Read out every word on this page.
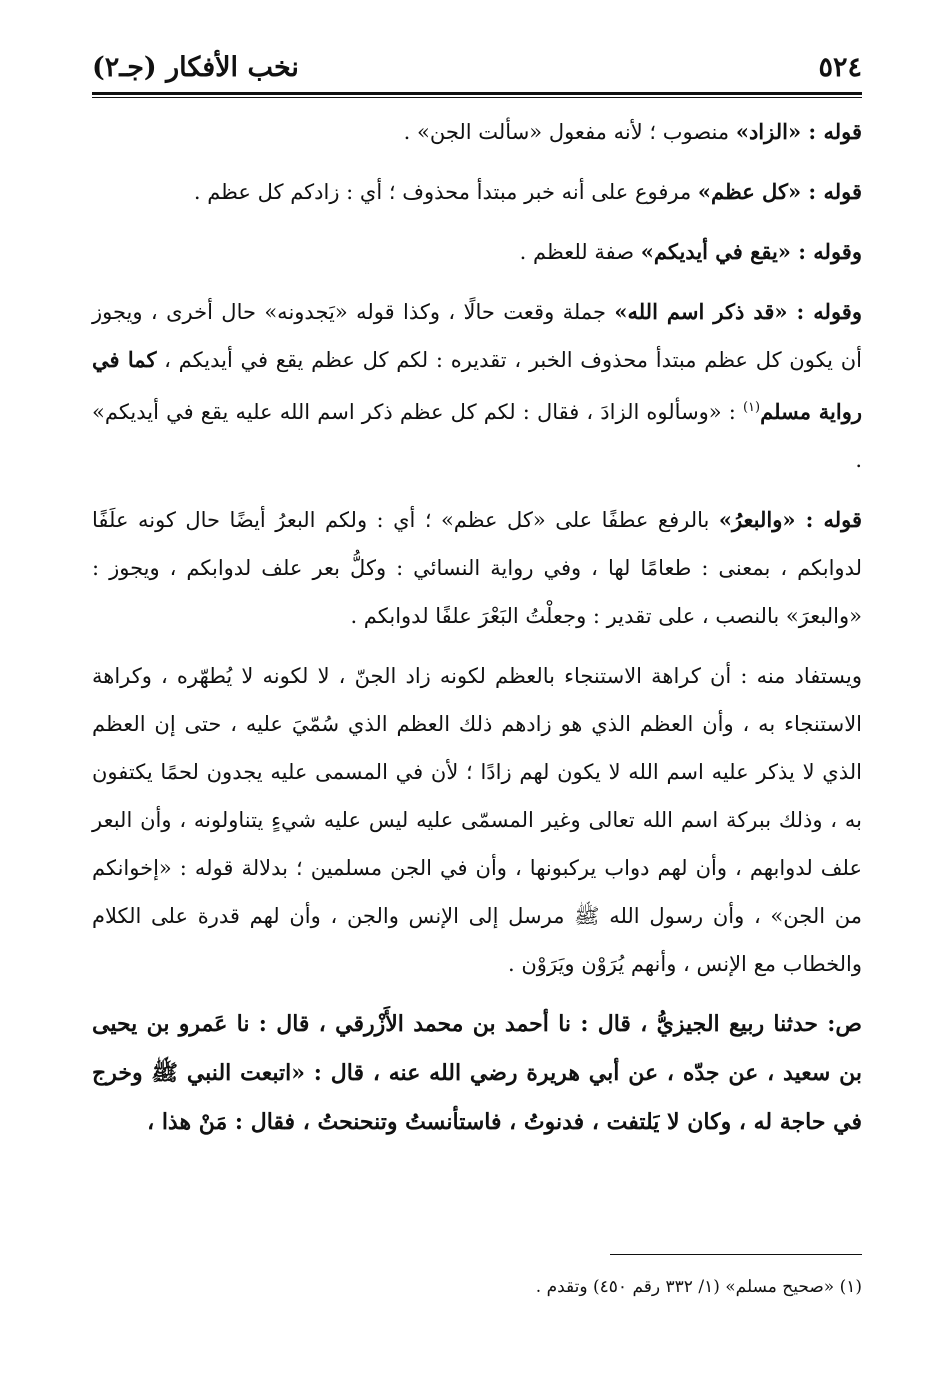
٥٢٤
نخب الأفكار (جـ٢)

قوله : «الزاد» منصوب ؛ لأنه مفعول «سألت الجن» .

قوله : «كل عظم» مرفوع على أنه خبر مبتدأ محذوف ؛ أي : زادكم كل عظم .

وقوله : «يقع في أيديكم» صفة للعظم .

وقوله : «قد ذكر اسم الله» جملة وقعت حالًا ، وكذا قوله «يَجدونه» حال أخرى ، ويجوز أن يكون كل عظم مبتدأ محذوف الخبر ، تقديره : لكم كل عظم يقع في أيديكم ، كما في رواية مسلم$^{(١)}$ : «وسألوه الزادَ ، فقال : لكم كل عظم ذكر اسم الله عليه يقع في أيديكم» .

قوله : «والبعرُ» بالرفع عطفًا على «كل عظم» ؛ أي : ولكم البعرُ أيضًا حال كونه علَفًا لدوابكم ، بمعنى : طعامًا لها ، وفي رواية النسائي : وكلُّ بعر علف لدوابكم ، ويجوز : «والبعرَ» بالنصب ، على تقدير : وجعلْتُ البَعْرَ علفًا لدوابكم .

ويستفاد منه : أن كراهة الاستنجاء بالعظم لكونه زاد الجنّ ، لا لكونه لا يُطهّره ، وكراهة الاستنجاء به ، وأن العظم الذي هو زادهم ذلك العظم الذي سُمّيَ عليه ، حتى إن العظم الذي لا يذكر عليه اسم الله لا يكون لهم زادًا ؛ لأن في المسمى عليه يجدون لحمًا يكتفون به ، وذلك ببركة اسم الله تعالى وغير المسمّى عليه ليس عليه شيءٍ يتناولونه ، وأن البعر علف لدوابهم ، وأن لهم دواب يركبونها ، وأن في الجن مسلمين ؛ بدلالة قوله : «إخوانكم من الجن» ، وأن رسول الله ﷺ مرسل إلى الإنس والجن ، وأن لهم قدرة على الكلام والخطاب مع الإنس ، وأنهم يُرَوْن ويَرَوْن .

ص: حدثنا ربيع الجيزيُّ ، قال : نا أحمد بن محمد الأَزْرقي ، قال : نا عَمرو بن يحيى بن سعيد ، عن جدّه ، عن أبي هريرة رضي الله عنه ، قال : «اتبعت النبي ﷺ وخرج في حاجة له ، وكان لا يَلتفت ، فدنوتُ ، فاستأنستُ وتنحنحتُ ، فقال : مَنْ هذا ،

(١) «صحيح مسلم» (١/ ٣٣٢ رقم ٤٥٠) وتقدم .
